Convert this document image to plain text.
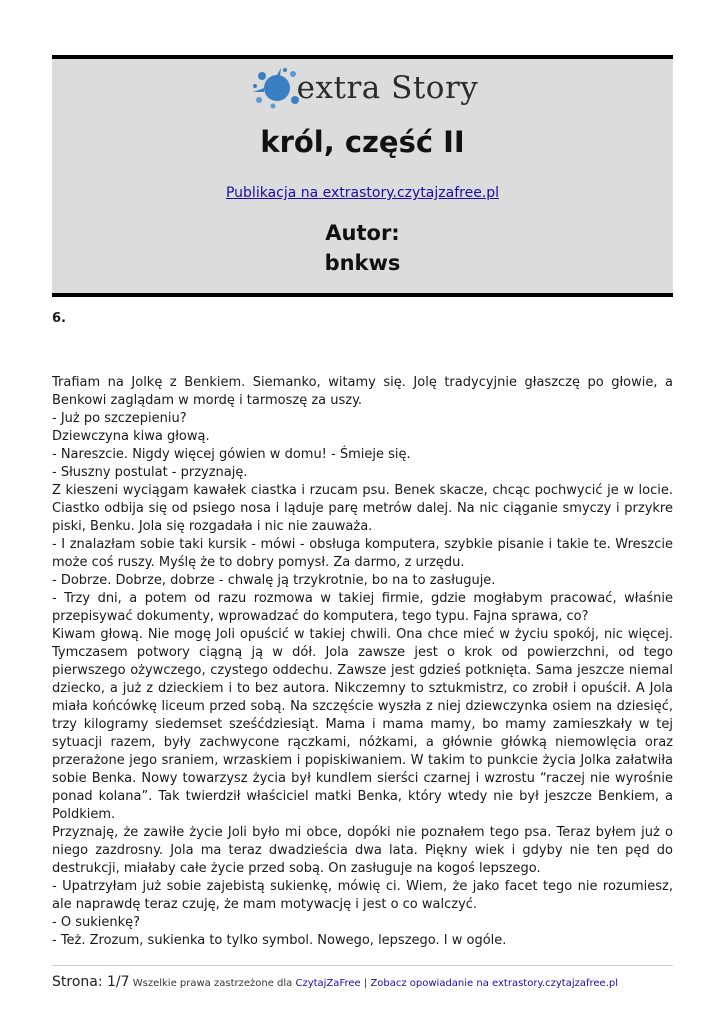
extra Story
król, część II
Publikacja na extrastory.czytajzafree.pl
Autor:
bnkws
6.

Trafiam na Jolkę z Benkiem. Siemanko, witamy się. Jolę tradycyjnie głaszczę po głowie, a Benkowi zaglądam w mordę i tarmoszę za uszy.

- Już po szczepieniu?

Dziewczyna kiwa głową.

- Nareszcie. Nigdy więcej gówien w domu! - Śmieje się.

- Słuszny postulat - przyznaję.

Z kieszeni wyciągam kawałek ciastka i rzucam psu. Benek skacze, chcąc pochwycić je w locie. Ciastko odbija się od psiego nosa i ląduje parę metrów dalej. Na nic ciąganie smyczy i przykre piski, Benku. Jola się rozgadała i nic nie zauważa.

- I znalazłam sobie taki kursik - mówi - obsługa komputera, szybkie pisanie i takie te. Wreszcie może coś ruszy. Myślę że to dobry pomysł. Za darmo, z urzędu.

- Dobrze. Dobrze, dobrze - chwalę ją trzykrotnie, bo na to zasługuje.

- Trzy dni, a potem od razu rozmowa w takiej firmie, gdzie mogłabym pracować, właśnie przepisywać dokumenty, wprowadzać do komputera, tego typu. Fajna sprawa, co?

Kiwam głową. Nie mogę Joli opuścić w takiej chwili. Ona chce mieć w życiu spokój, nic więcej. Tymczasem potwory ciągną ją w dół. Jola zawsze jest o krok od powierzchni, od tego pierwszego ożywczego, czystego oddechu. Zawsze jest gdzieś potknięta. Sama jeszcze niemal dziecko, a już z dzieckiem i to bez autora. Nikczemny to sztukmistrz, co zrobił i opuścił. A Jola miała końcówkę liceum przed sobą. Na szczęście wyszła z niej dziewczynka osiem na dziesięć, trzy kilogramy siedemset sześćdziesiąt. Mama i mama mamy, bo mamy zamieszkały w tej sytuacji razem, były zachwycone rączkami, nóżkami, a głównie główką niemowlęcia oraz przerażone jego sraniem, wrzaskiem i popiskiwaniem. W takim to punkcie życia Jolka załatwiła sobie Benka. Nowy towarzysz życia był kundlem sierści czarnej i wzrostu “raczej nie wyrośnie ponad kolana”. Tak twierdził właściciel matki Benka, który wtedy nie był jeszcze Benkiem, a Poldkiem.

Przyznaję, że zawiłe życie Joli było mi obce, dopóki nie poznałem tego psa. Teraz byłem już o niego zazdrosny. Jola ma teraz dwadzieścia dwa lata. Piękny wiek i gdyby nie ten pęd do destrukcji, miałaby całe życie przed sobą. On zasługuje na kogoś lepszego.

- Upatrzyłam już sobie zajebistą sukienkę, mówię ci. Wiem, że jako facet tego nie rozumiesz, ale naprawdę teraz czuję, że mam motywację i jest o co walczyć.

- O sukienkę?

- Też. Zrozum, sukienka to tylko symbol. Nowego, lepszego. I w ogóle.

Strona: 1/7 Wszelkie prawa zastrzeżone dla CzytajZaFree | Zobacz opowiadanie na extrastory.czytajzafree.pl
